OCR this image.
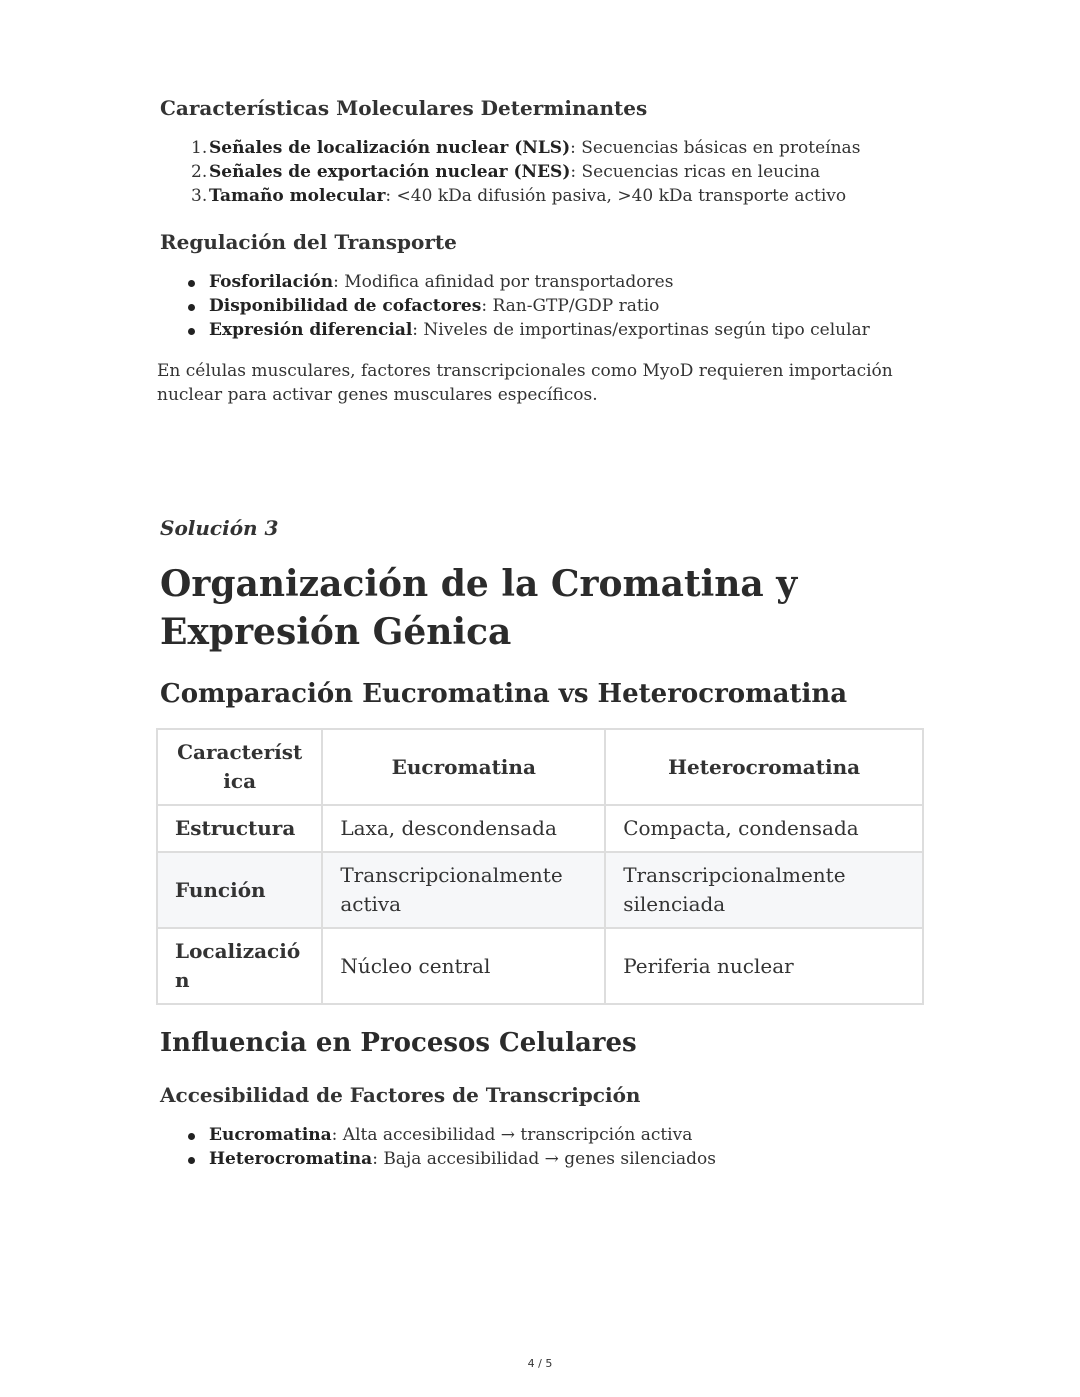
Características Moleculares Determinantes
1. Señales de localización nuclear (NLS): Secuencias básicas en proteínas
2. Señales de exportación nuclear (NES): Secuencias ricas en leucina
3. Tamaño molecular: <40 kDa difusión pasiva, >40 kDa transporte activo
Regulación del Transporte
Fosforilación: Modifica afinidad por transportadores
Disponibilidad de cofactores: Ran-GTP/GDP ratio
Expresión diferencial: Niveles de importinas/exportinas según tipo celular

En células musculares, factores transcripcionales como MyoD requieren importación nuclear para activar genes musculares específicos.

Solución 3

Organización de la Cromatina y Expresión Génica
Comparación Eucromatina vs Heterocromatina
Característica	Eucromatina	Heterocromatina
Estructura	Laxa, descondensada	Compacta, condensada
Función	Transcripcionalmente activa	Transcripcionalmente silenciada
Localización	Núcleo central	Periferia nuclear
Influencia en Procesos Celulares
Accesibilidad de Factores de Transcripción
Eucromatina: Alta accesibilidad → transcripción activa
Heterocromatina: Baja accesibilidad → genes silenciados
4 / 5
